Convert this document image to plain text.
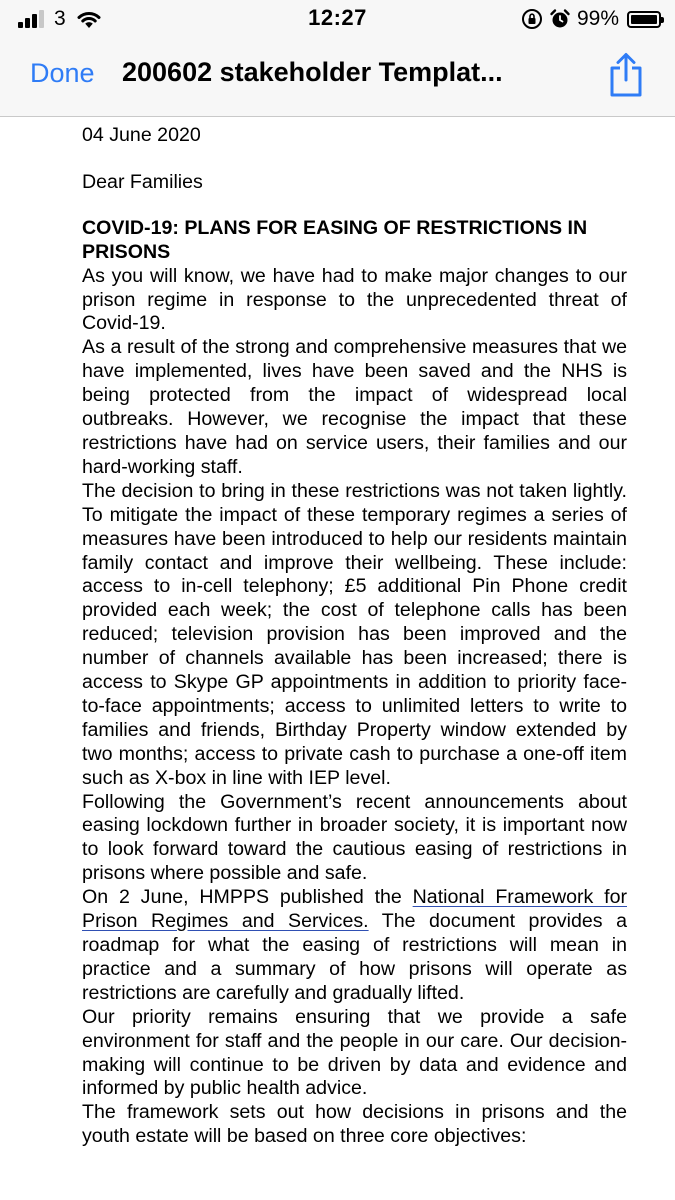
3	12:27	99%
Done 200602 stakeholder Templat...

04 June 2020

Dear Families

COVID-19: PLANS FOR EASING OF RESTRICTIONS IN PRISONS

As you will know, we have had to make major changes to our prison regime in response to the unprecedented threat of Covid-19.

As a result of the strong and comprehensive measures that we have implemented, lives have been saved and the NHS is being protected from the impact of widespread local outbreaks. However, we recognise the impact that these restrictions have had on service users, their families and our hard-working staff.

The decision to bring in these restrictions was not taken lightly. To mitigate the impact of these temporary regimes a series of measures have been introduced to help our residents maintain family contact and improve their wellbeing. These include: access to in-cell telephony; £5 additional Pin Phone credit provided each week; the cost of telephone calls has been reduced; television provision has been improved and the number of channels available has been increased; there is access to Skype GP appointments in addition to priority face-to-face appointments; access to unlimited letters to write to families and friends, Birthday Property window extended by two months; access to private cash to purchase a one-off item such as X-box in line with IEP level.

Following the Government’s recent announcements about easing lockdown further in broader society, it is important now to look forward toward the cautious easing of restrictions in prisons where possible and safe.

On 2 June, HMPPS published the National Framework for Prison Regimes and Services. The document provides a roadmap for what the easing of restrictions will mean in practice and a summary of how prisons will operate as restrictions are carefully and gradually lifted.

Our priority remains ensuring that we provide a safe environment for staff and the people in our care. Our decision-making will continue to be driven by data and evidence and informed by public health advice.

The framework sets out how decisions in prisons and the youth estate will be based on three core objectives:
